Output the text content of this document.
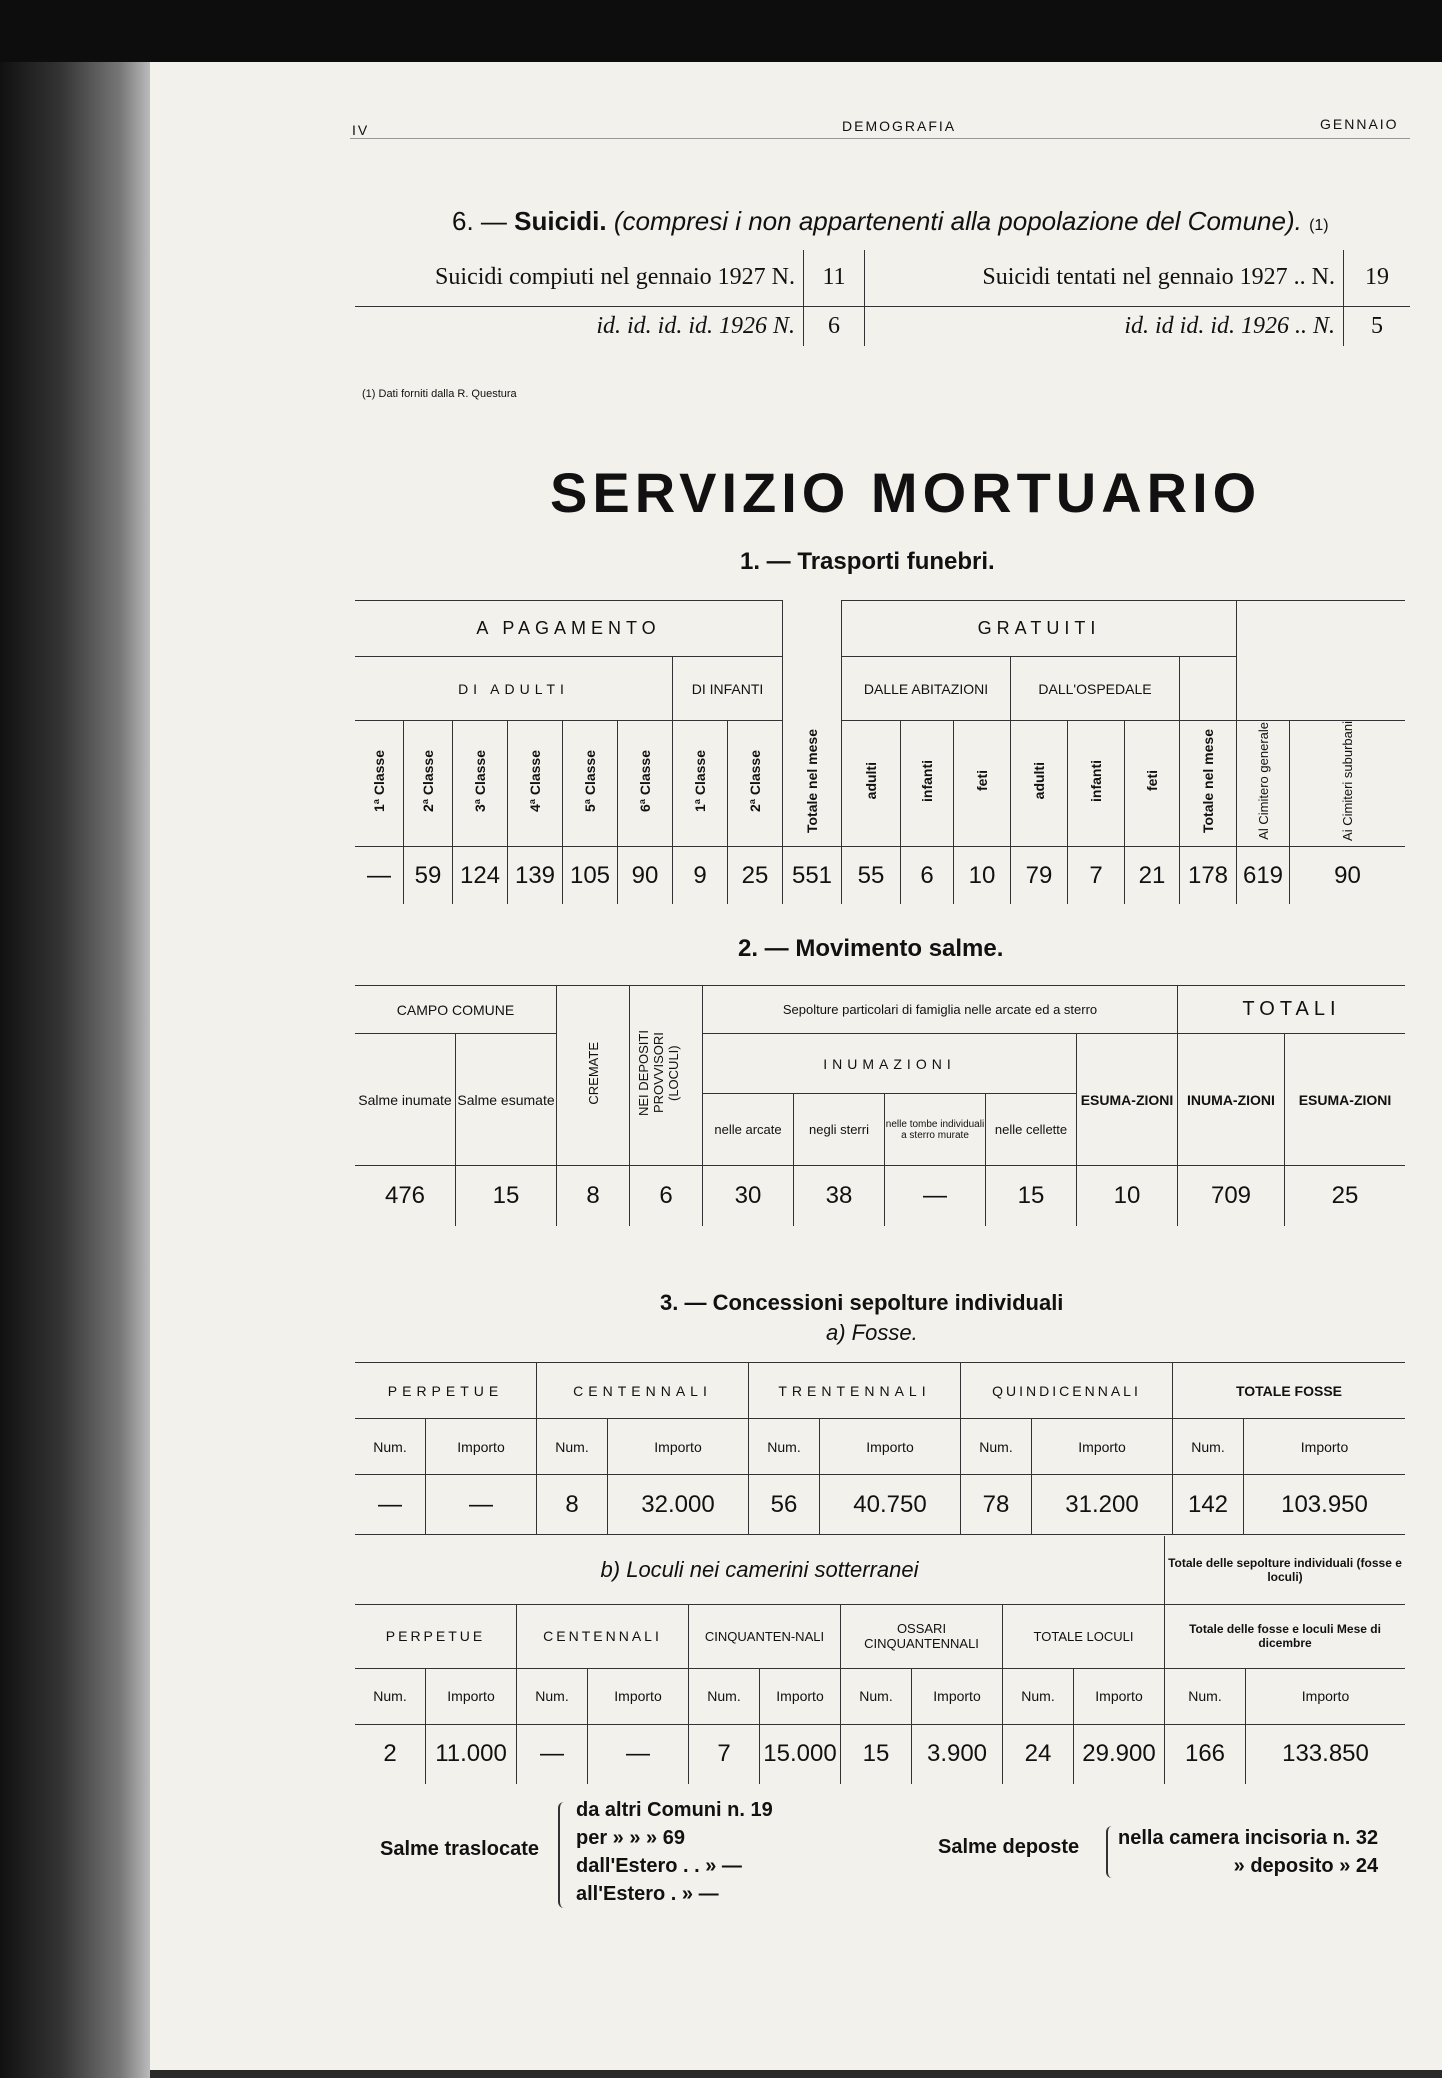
IV	DEMOGRAFIA	GENNAIO
6. — Suicidi. (compresi i non appartenenti alla popolazione del Comune). (1)
Suicidi compiuti nel gennaio 1927 N.	11	Suicidi tentati nel gennaio 1927 .. N.	19
id. id. id. id. 1926 N.	6	id. id id. id. 1926 .. N.	5
(1) Dati forniti dalla R. Questura
SERVIZIO MORTUARIO
1. — Trasporti funebri.
A PAGAMENTO									GRATUITI								
DI ADULTI						DI INFANTI			DALLE ABITAZIONI			DALL'OSPEDALE					
1ª Classe	2ª Classe	3ª Classe	4ª Classe	5ª Classe	6ª Classe	1ª Classe	2ª Classe	Totale nel mese	adulti	infanti	feti	adulti	infanti	feti	Totale nel mese	Al Cimitero generale	Ai Cimiteri suburbani
—	59	124	139	105	90	9	25	551	55	6	10	79	7	21	178	619	90
2. — Movimento salme.
CAMPO COMUNE		CREMATE	NEI DEPOSITI PROVVISORI (LOCULI)	Sepolture particolari di famiglia nelle arcate ed a sterro					TOTALI	
Salme inumate	Salme esumate			INUMAZIONI				ESUMA-ZIONI	INUMA-ZIONI	ESUMA-ZIONI
				nelle arcate	negli sterri	nelle tombe individuali a sterro murate	nelle cellette			
476	15	8	6	30	38	—	15	10	709	25
3. — Concessioni sepolture individuali
a) Fosse.
PERPETUE		CENTENNALI		TRENTENNALI		QUINDICENNALI		TOTALE FOSSE	
Num.	Importo	Num.	Importo	Num.	Importo	Num.	Importo	Num.	Importo
—	—	8	32.000	56	40.750	78	31.200	142	103.950
b) Loculi nei camerini sotterranei										Totale delle sepolture individuali (fosse e loculi)	
PERPETUE		CENTENNALI		CINQUANTEN-NALI		OSSARI CINQUANTENNALI		TOTALE LOCULI		Totale delle fosse e loculi Mese di dicembre	
Num.	Importo	Num.	Importo	Num.	Importo	Num.	Importo	Num.	Importo	Num.	Importo
2	11.000	—	—	7	15.000	15	3.900	24	29.900	166	133.850
Salme traslocate
da altri Comuni n. 19
per » » » 69
dall'Estero . . » —
all'Estero . » —
Salme deposte nella camera incisoria n. 32
» deposito » 24
